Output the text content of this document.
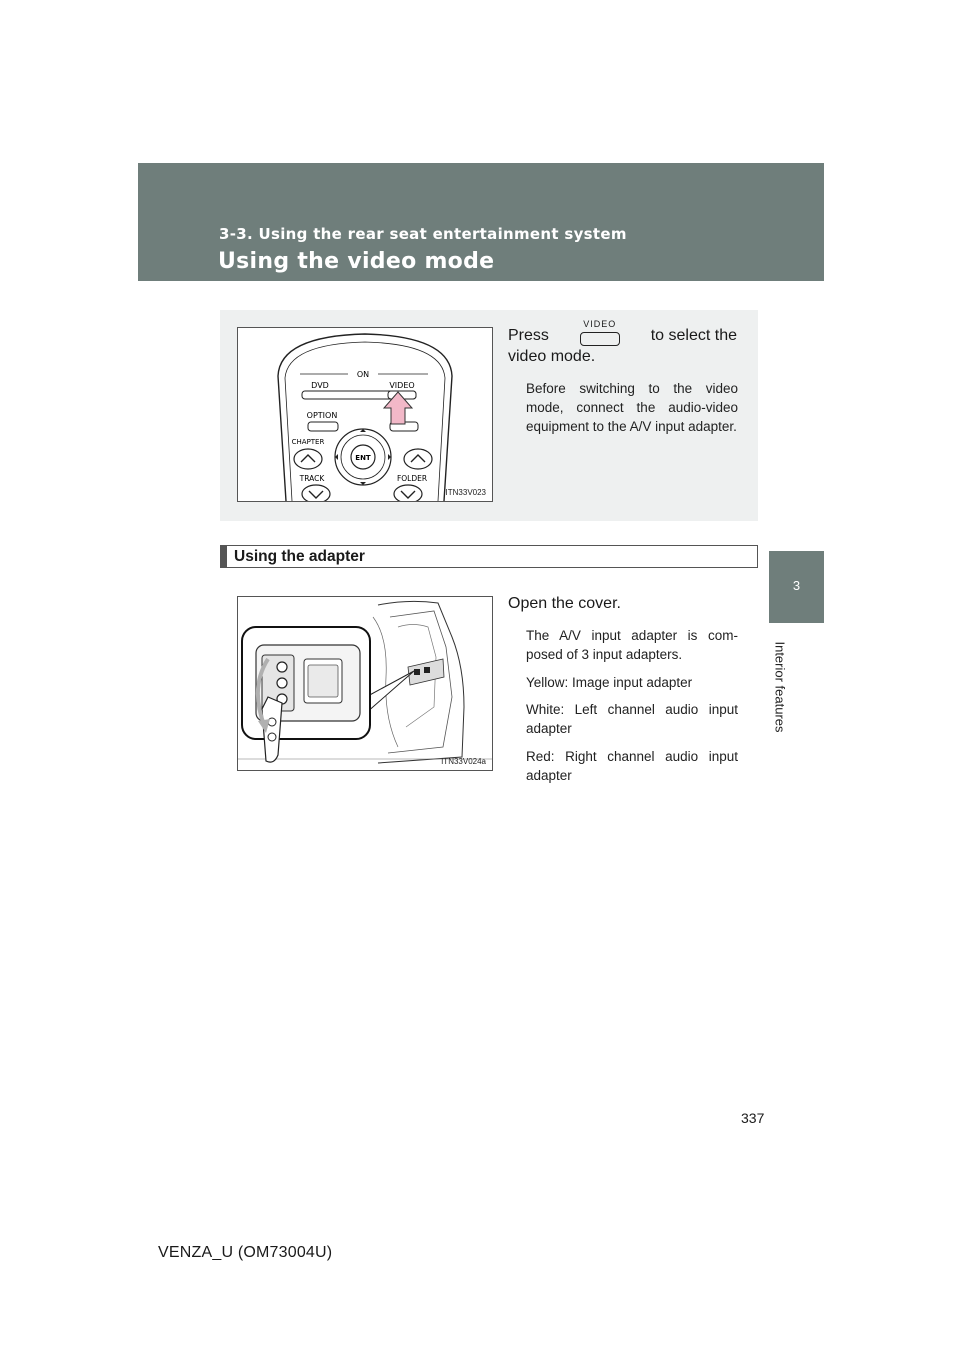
3-3. Using the rear seat entertainment system
Using the video mode
3
Interior features
ON
DVD	VIDEO
OPTION
ENT
CHAPTER
TRACK	FOLDER
ITN33V023
Press
VIDEO
to select the
video mode.
Before switching to the video mode, connect the audio-video equipment to the A/V input adapter.
Using the adapter
ITN33V024a
Open the cover.
The A/V input adapter is com-posed of 3 input adapters.
Yellow: Image input adapter
White: Left channel audio input adapter
Red: Right channel audio input adapter
337
VENZA_U (OM73004U)
